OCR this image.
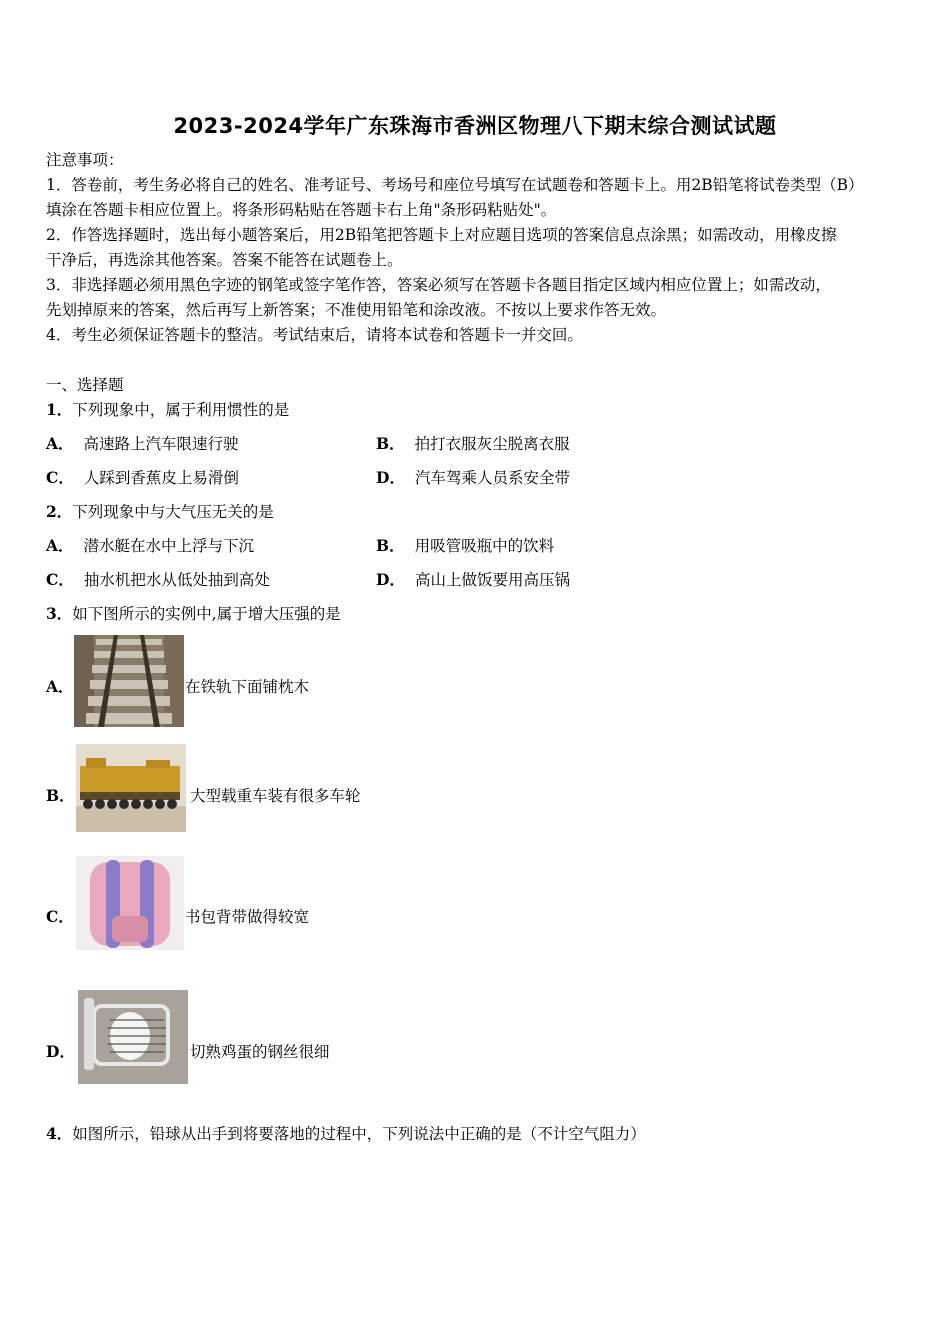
2023-2024学年广东珠海市香洲区物理八下期末综合测试试题
注意事项：
1．答卷前，考生务必将自己的姓名、准考证号、考场号和座位号填写在试题卷和答题卡上。用2B铅笔将试卷类型（B）
填涂在答题卡相应位置上。将条形码粘贴在答题卡右上角"条形码粘贴处"。
2．作答选择题时，选出每小题答案后，用2B铅笔把答题卡上对应题目选项的答案信息点涂黑；如需改动，用橡皮擦
干净后，再选涂其他答案。答案不能答在试题卷上。
3．非选择题必须用黑色字迹的钢笔或签字笔作答，答案必须写在答题卡各题目指定区域内相应位置上；如需改动，
先划掉原来的答案，然后再写上新答案；不准使用铅笔和涂改液。不按以上要求作答无效。
4．考生必须保证答题卡的整洁。考试结束后，请将本试卷和答题卡一并交回。
一、选择题
1．下列现象中，属于利用惯性的是
A． 高速路上汽车限速行驶	B． 拍打衣服灰尘脱离衣服
C． 人踩到香蕉皮上易滑倒	D． 汽车驾乘人员系安全带
2．下列现象中与大气压无关的是
A． 潜水艇在水中上浮与下沉	B． 用吸管吸瓶中的饮料
C． 抽水机把水从低处抽到高处	D． 高山上做饭要用高压锅
3．如下图所示的实例中,属于增大压强的是
A．	在铁轨下面铺枕木
B．	大型载重车装有很多车轮
C．	书包背带做得较宽
D．	切熟鸡蛋的钢丝很细
4．如图所示，铅球从出手到将要落地的过程中，下列说法中正确的是（不计空气阻力）
